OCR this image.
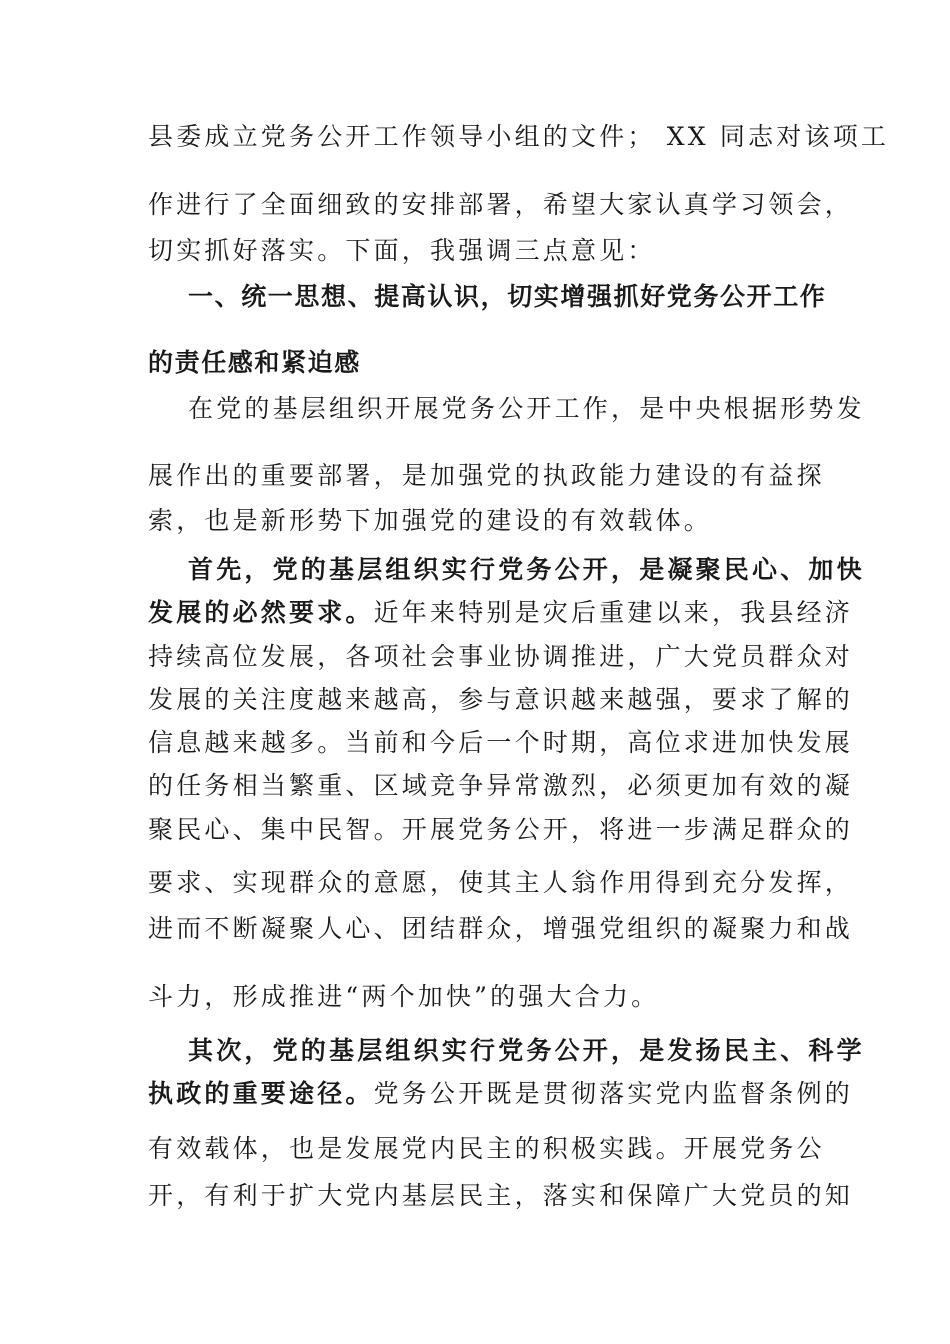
县委成立党务公开工作领导小组的文件； XX 同志对该项工
作进行了全面细致的安排部署，希望大家认真学习领会，
切实抓好落实。下面，我强调三点意见：
一、统一思想、提高认识，切实增强抓好党务公开工作
的责任感和紧迫感
在党的基层组织开展党务公开工作，是中央根据形势发
展作出的重要部署，是加强党的执政能力建设的有益探
索，也是新形势下加强党的建设的有效载体。
首先，党的基层组织实行党务公开，是凝聚民心、加快
发展的必然要求。近年来特别是灾后重建以来，我县经济
持续高位发展，各项社会事业协调推进，广大党员群众对
发展的关注度越来越高，参与意识越来越强，要求了解的
信息越来越多。当前和今后一个时期，高位求进加快发展
的任务相当繁重、区域竞争异常激烈，必须更加有效的凝
聚民心、集中民智。开展党务公开，将进一步满足群众的
要求、实现群众的意愿，使其主人翁作用得到充分发挥，
进而不断凝聚人心、团结群众，增强党组织的凝聚力和战
斗力，形成推进“两个加快”的强大合力。
其次，党的基层组织实行党务公开，是发扬民主、科学
执政的重要途径。党务公开既是贯彻落实党内监督条例的
有效载体，也是发展党内民主的积极实践。开展党务公
开，有利于扩大党内基层民主，落实和保障广大党员的知
